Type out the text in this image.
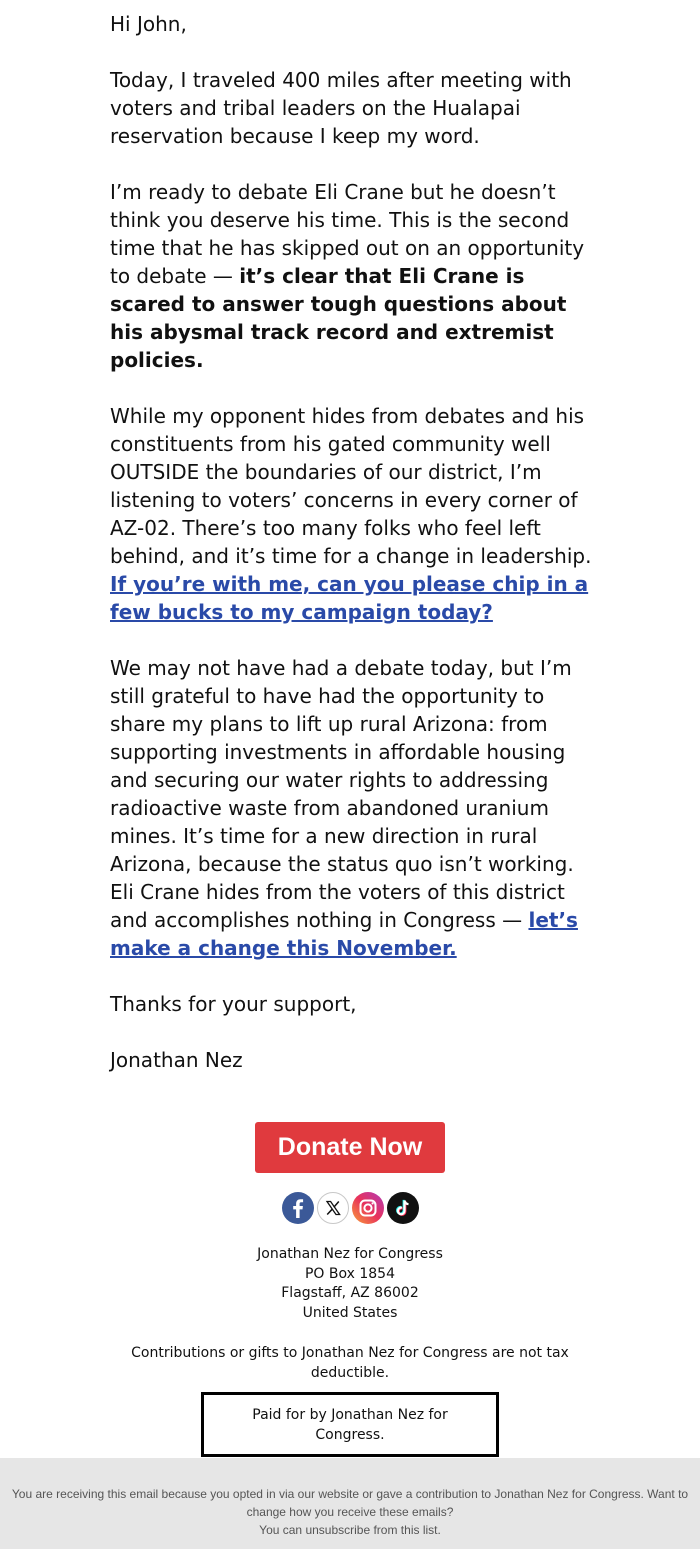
Hi John,

Today, I traveled 400 miles after meeting with voters and tribal leaders on the Hualapai reservation because I keep my word.

I’m ready to debate Eli Crane but he doesn’t think you deserve his time. This is the second time that he has skipped out on an opportunity to debate — it’s clear that Eli Crane is scared to answer tough questions about his abysmal track record and extremist policies.

While my opponent hides from debates and his constituents from his gated community well OUTSIDE the boundaries of our district, I’m listening to voters’ concerns in every corner of AZ-02. There’s too many folks who feel left behind, and it’s time for a change in leadership. If you’re with me, can you please chip in a few bucks to my campaign today?

We may not have had a debate today, but I’m still grateful to have had the opportunity to share my plans to lift up rural Arizona: from supporting investments in affordable housing and securing our water rights to addressing radioactive waste from abandoned uranium mines. It’s time for a new direction in rural Arizona, because the status quo isn’t working. Eli Crane hides from the voters of this district and accomplishes nothing in Congress — let’s make a change this November.

Thanks for your support,

Jonathan Nez

Donate Now

Jonathan Nez for Congress
PO Box 1854
Flagstaff, AZ 86002
United States
Contributions or gifts to Jonathan Nez for Congress are not tax deductible.
Paid for by Jonathan Nez for Congress.
You are receiving this email because you opted in via our website or gave a contribution to Jonathan Nez for Congress. Want to change how you receive these emails?
You can unsubscribe from this list.
